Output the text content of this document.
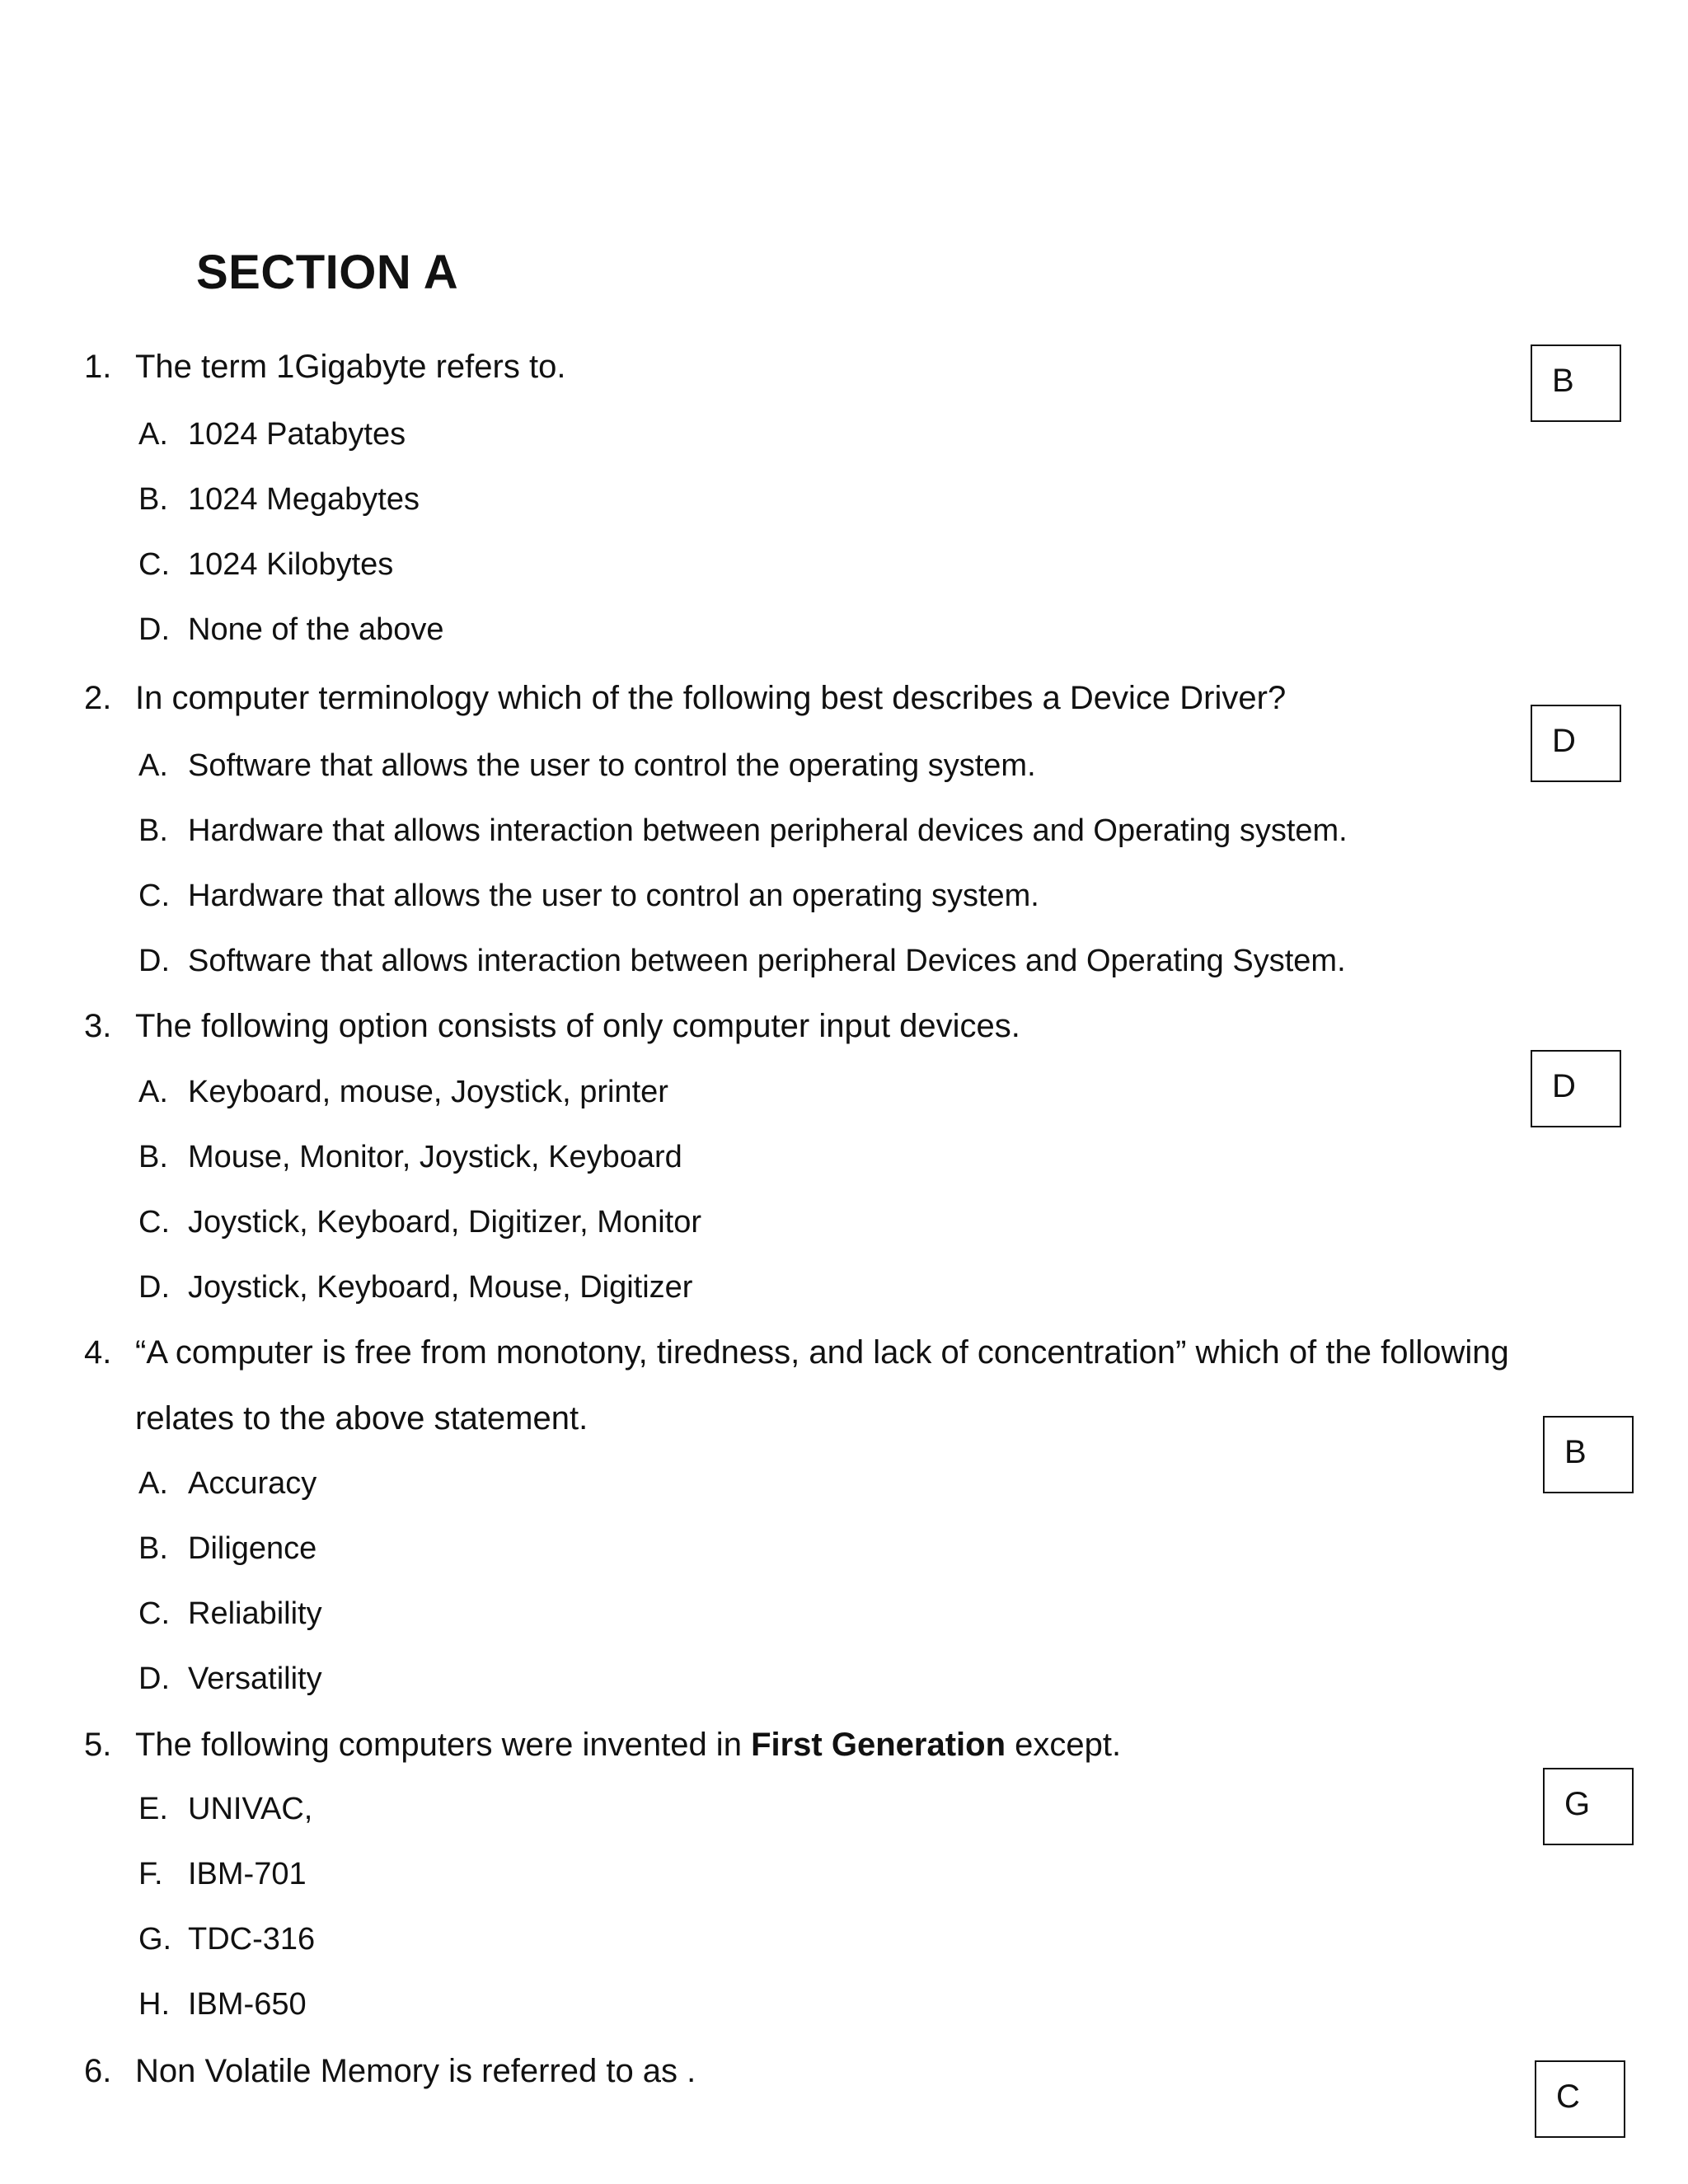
SECTION A
1. The term 1Gigabyte refers to.
A. 1024 Patabytes
B. 1024 Megabytes
C. 1024 Kilobytes
D. None of the above
B
2. In computer terminology which of the following best describes a Device Driver?
A. Software that allows the user to control the operating system.
B. Hardware that allows interaction between peripheral devices and Operating system.
C. Hardware that allows the user to control an operating system.
D. Software that allows interaction between peripheral Devices and Operating System.
D
3. The following option consists of only computer input devices.
A. Keyboard, mouse, Joystick, printer
B. Mouse, Monitor, Joystick, Keyboard
C. Joystick, Keyboard, Digitizer, Monitor
D. Joystick, Keyboard, Mouse, Digitizer
D
4. “A computer is free from monotony, tiredness, and lack of concentration” which of the following
relates to the above statement.
A. Accuracy
B. Diligence
C. Reliability
D. Versatility
B
5. The following computers were invented in First Generation except.
E. UNIVAC,
F. IBM-701
G. TDC-316
H. IBM-650
G
6. Non Volatile Memory is referred to as .
C
